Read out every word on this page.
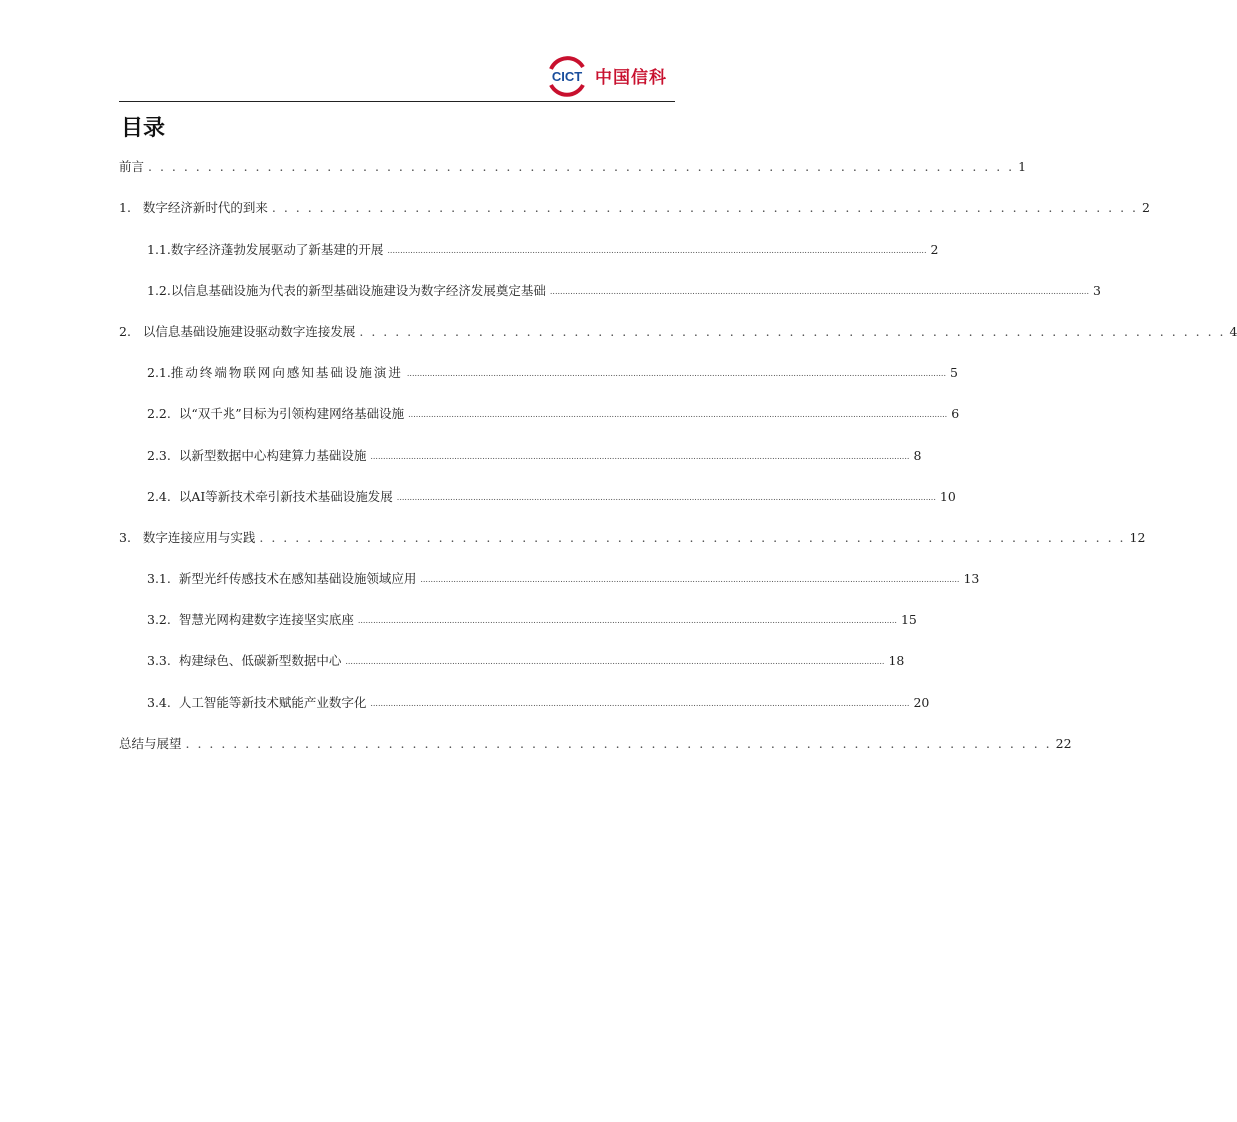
CICT 中国信科
目录
前言 . . . . . . . . . . . . . . . . . . . . . . . . . . . . . . . . . . . . . . . . . . . . . . . . . . . . . . . . . . . . . . . . . . . . . . . . . 1
1. 数字经济新时代的到来 . . . . . . . . . . . . . . . . . . . . . . . . . . . . . . . . . . . . . . . . . . . . . . . . . . . . . . . . . . . . . . . . . . . . . . . . . 2
1.1. 数字经济蓬勃发展驱动了新基建的开展 .................................................................................................................................................................................................................... 2
1.2. 以信息基础设施为代表的新型基础设施建设为数字经济发展奠定基础 .................................................................................................................................................................................................................... 3
2. 以信息基础设施建设驱动数字连接发展 . . . . . . . . . . . . . . . . . . . . . . . . . . . . . . . . . . . . . . . . . . . . . . . . . . . . . . . . . . . . . . . . . . . . . . . . . 4
2.1. 推动终端物联网向感知基础设施演进 .................................................................................................................................................................................................................... 5
2.2. 以“双千兆”目标为引领构建网络基础设施 .................................................................................................................................................................................................................... 6
2.3. 以新型数据中心构建算力基础设施 .................................................................................................................................................................................................................... 8
2.4. 以AI等新技术牵引新技术基础设施发展 .................................................................................................................................................................................................................... 10
3. 数字连接应用与实践 . . . . . . . . . . . . . . . . . . . . . . . . . . . . . . . . . . . . . . . . . . . . . . . . . . . . . . . . . . . . . . . . . . . . . . . . . 12
3.1. 新型光纤传感技术在感知基础设施领域应用 .................................................................................................................................................................................................................... 13
3.2. 智慧光网构建数字连接坚实底座 .................................................................................................................................................................................................................... 15
3.3. 构建绿色、低碳新型数据中心 .................................................................................................................................................................................................................... 18
3.4. 人工智能等新技术赋能产业数字化 .................................................................................................................................................................................................................... 20
总结与展望 . . . . . . . . . . . . . . . . . . . . . . . . . . . . . . . . . . . . . . . . . . . . . . . . . . . . . . . . . . . . . . . . . . . . . . . . . 22
